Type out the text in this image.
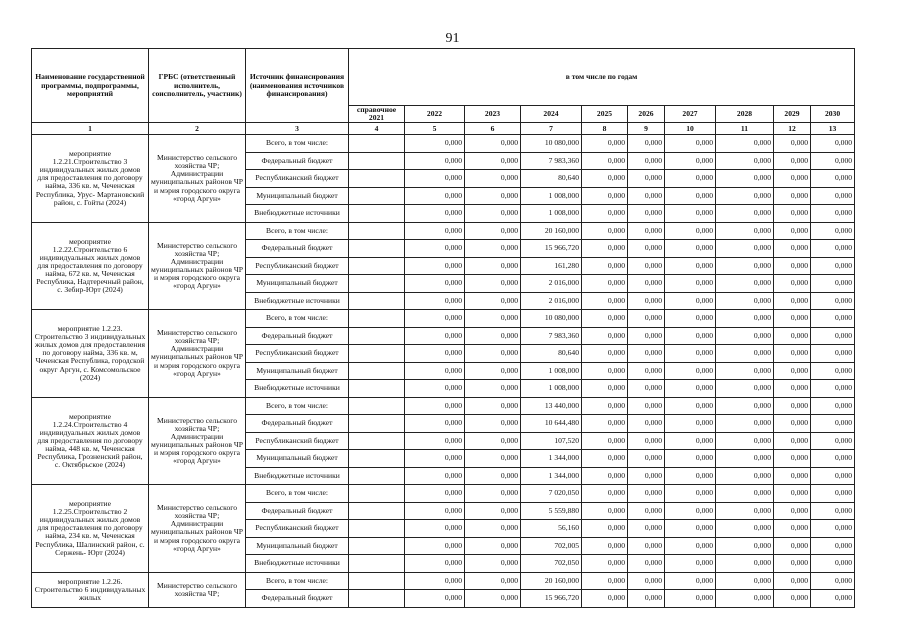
91
Наименование государственной программы, подпрограммы, мероприятий	ГРБС (ответственный исполнитель, соисполнитель, участник)	Источник финансирования (наименования источников финансирования)	в том числе по годам									
			справочное 2021	2022	2023	2024	2025	2026	2027	2028	2029	2030
1	2	3	4	5	6	7	8	9	10	11	12	13
мероприятие 1.2.21.Строительство 3 индивидуальных жилых домов для предоставления по договору найма, 336 кв. м, Чеченская Республика, Урус- Мартановский район, с. Гойты (2024)	Министерство сельского хозяйства ЧР; Администрации муниципальных районов ЧР и мэрия городского округа «город Аргун»	Всего, в том числе:		0,000	0,000	10 080,000	0,000	0,000	0,000	0,000	0,000	0,000
		Федеральный бюджет		0,000	0,000	7 983,360	0,000	0,000	0,000	0,000	0,000	0,000
		Республиканский бюджет		0,000	0,000	80,640	0,000	0,000	0,000	0,000	0,000	0,000
		Муниципальный бюджет		0,000	0,000	1 008,000	0,000	0,000	0,000	0,000	0,000	0,000
		Внебюджетные источники		0,000	0,000	1 008,000	0,000	0,000	0,000	0,000	0,000	0,000
мероприятие 1.2.22.Строительство 6 индивидуальных жилых домов для предоставления по договору найма, 672 кв. м, Чеченская Республика, Надтеречный район, с. Зебир-Юрт (2024)	Министерство сельского хозяйства ЧР; Администрации муниципальных районов ЧР и мэрия городского округа «город Аргун»	Всего, в том числе:		0,000	0,000	20 160,000	0,000	0,000	0,000	0,000	0,000	0,000
		Федеральный бюджет		0,000	0,000	15 966,720	0,000	0,000	0,000	0,000	0,000	0,000
		Республиканский бюджет		0,000	0,000	161,280	0,000	0,000	0,000	0,000	0,000	0,000
		Муниципальный бюджет		0,000	0,000	2 016,000	0,000	0,000	0,000	0,000	0,000	0,000
		Внебюджетные источники		0,000	0,000	2 016,000	0,000	0,000	0,000	0,000	0,000	0,000
мероприятие 1.2.23. Строительство 3 индивидуальных жилых домов для предоставления по договору найма, 336 кв. м, Чеченская Республика, городской округ Аргун, с. Комсомольское (2024)	Министерство сельского хозяйства ЧР; Администрации муниципальных районов ЧР и мэрия городского округа «город Аргун»	Всего, в том числе:		0,000	0,000	10 080,000	0,000	0,000	0,000	0,000	0,000	0,000
		Федеральный бюджет		0,000	0,000	7 983,360	0,000	0,000	0,000	0,000	0,000	0,000
		Республиканский бюджет		0,000	0,000	80,640	0,000	0,000	0,000	0,000	0,000	0,000
		Муниципальный бюджет		0,000	0,000	1 008,000	0,000	0,000	0,000	0,000	0,000	0,000
		Внебюджетные источники		0,000	0,000	1 008,000	0,000	0,000	0,000	0,000	0,000	0,000
мероприятие 1.2.24.Строительство 4 индивидуальных жилых домов для предоставления по договору найма, 448 кв. м, Чеченская Республика, Грозненский район, с. Октябрьское (2024)	Министерство сельского хозяйства ЧР; Администрации муниципальных районов ЧР и мэрия городского округа «город Аргун»	Всего, в том числе:		0,000	0,000	13 440,000	0,000	0,000	0,000	0,000	0,000	0,000
		Федеральный бюджет		0,000	0,000	10 644,480	0,000	0,000	0,000	0,000	0,000	0,000
		Республиканский бюджет		0,000	0,000	107,520	0,000	0,000	0,000	0,000	0,000	0,000
		Муниципальный бюджет		0,000	0,000	1 344,000	0,000	0,000	0,000	0,000	0,000	0,000
		Внебюджетные источники		0,000	0,000	1 344,000	0,000	0,000	0,000	0,000	0,000	0,000
мероприятие 1.2.25.Строительство 2 индивидуальных жилых домов для предоставления по договору найма, 234 кв. м, Чеченская Республика, Шалинский район, с. Сержень- Юрт (2024)	Министерство сельского хозяйства ЧР; Администрации муниципальных районов ЧР и мэрия городского округа «город Аргун»	Всего, в том числе:		0,000	0,000	7 020,050	0,000	0,000	0,000	0,000	0,000	0,000
		Федеральный бюджет		0,000	0,000	5 559,880	0,000	0,000	0,000	0,000	0,000	0,000
		Республиканский бюджет		0,000	0,000	56,160	0,000	0,000	0,000	0,000	0,000	0,000
		Муниципальный бюджет		0,000	0,000	702,005	0,000	0,000	0,000	0,000	0,000	0,000
		Внебюджетные источники		0,000	0,000	702,050	0,000	0,000	0,000	0,000	0,000	0,000
мероприятие 1.2.26. Строительство 6 индивидуальных жилых	Министерство сельского хозяйства ЧР;	Всего, в том числе:		0,000	0,000	20 160,000	0,000	0,000	0,000	0,000	0,000	0,000
		Федеральный бюджет		0,000	0,000	15 966,720	0,000	0,000	0,000	0,000	0,000	0,000
